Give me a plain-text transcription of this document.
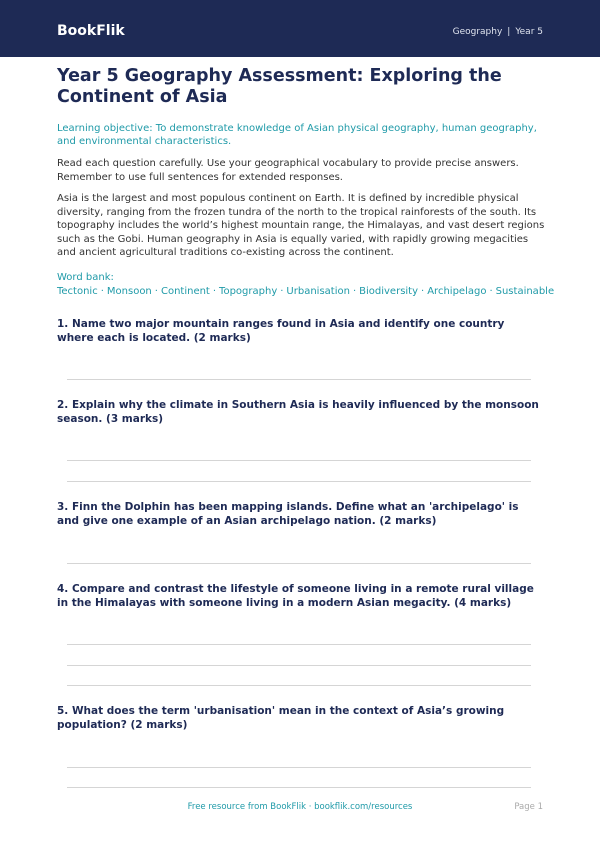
BookFlik	Geography | Year 5
Year 5 Geography Assessment: Exploring the Continent of Asia
Learning objective: To demonstrate knowledge of Asian physical geography, human geography, and environmental characteristics.
Read each question carefully. Use your geographical vocabulary to provide precise answers. Remember to use full sentences for extended responses.
Asia is the largest and most populous continent on Earth. It is defined by incredible physical diversity, ranging from the frozen tundra of the north to the tropical rainforests of the south. Its topography includes the world’s highest mountain range, the Himalayas, and vast desert regions such as the Gobi. Human geography in Asia is equally varied, with rapidly growing megacities and ancient agricultural traditions co-existing across the continent.
Word bank: Tectonic · Monsoon · Continent · Topography · Urbanisation · Biodiversity · Archipelago · Sustainable
1. Name two major mountain ranges found in Asia and identify one country where each is located. (2 marks)
2. Explain why the climate in Southern Asia is heavily influenced by the monsoon season. (3 marks)
3. Finn the Dolphin has been mapping islands. Define what an 'archipelago' is and give one example of an Asian archipelago nation. (2 marks)
4. Compare and contrast the lifestyle of someone living in a remote rural village in the Himalayas with someone living in a modern Asian megacity. (4 marks)
5. What does the term 'urbanisation' mean in the context of Asia’s growing population? (2 marks)
Free resource from BookFlik · bookflik.com/resources	Page 1
